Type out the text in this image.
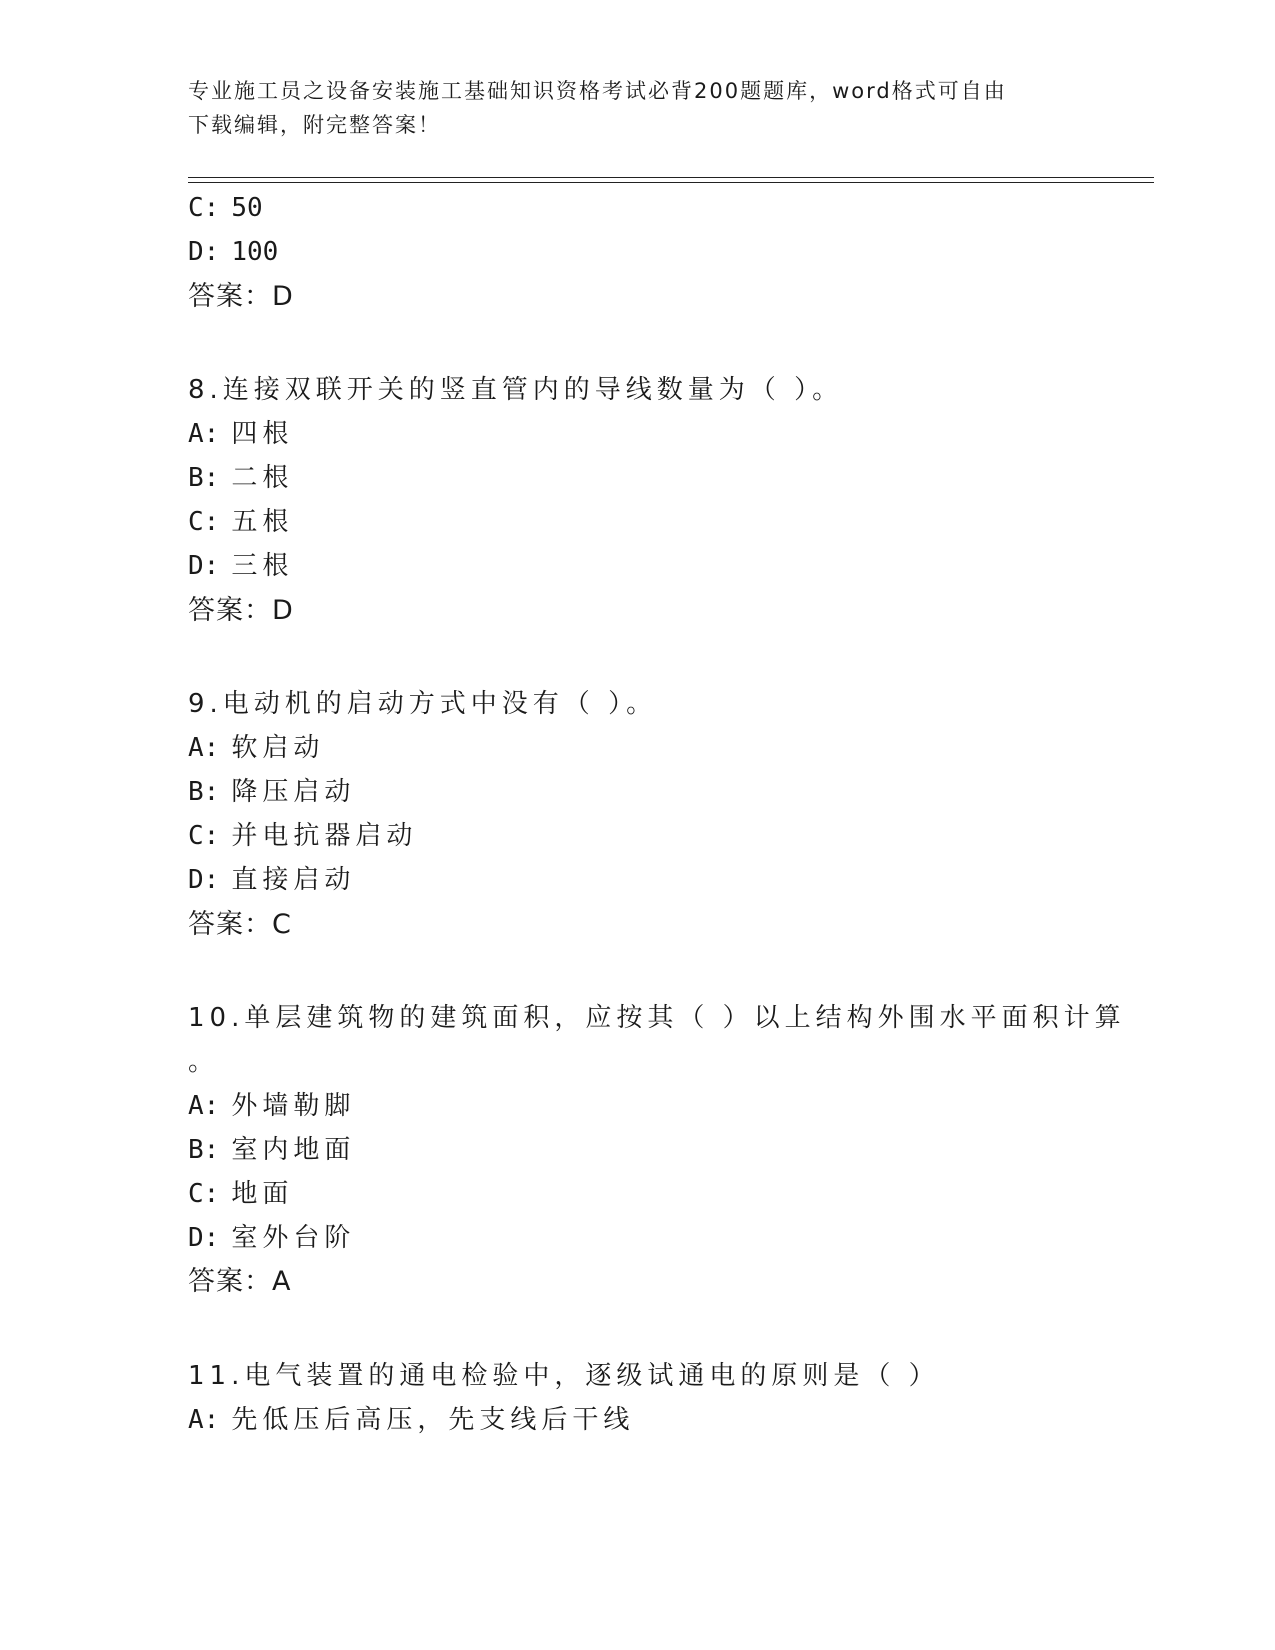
专业施工员之设备安装施工基础知识资格考试必背200题题库，word格式可自由
下载编辑，附完整答案！
C: 50
D: 100
答案：D
8.连接双联开关的竖直管内的导线数量为（ ）。
A: 四根
B: 二根
C: 五根
D: 三根
答案：D
9.电动机的启动方式中没有（ ）。
A: 软启动
B: 降压启动
C: 并电抗器启动
D: 直接启动
答案：C
10.单层建筑物的建筑面积，应按其（ ）以上结构外围水平面积计算
。
A: 外墙勒脚
B: 室内地面
C: 地面
D: 室外台阶
答案：A
11.电气装置的通电检验中，逐级试通电的原则是（ ）
A: 先低压后高压，先支线后干线
